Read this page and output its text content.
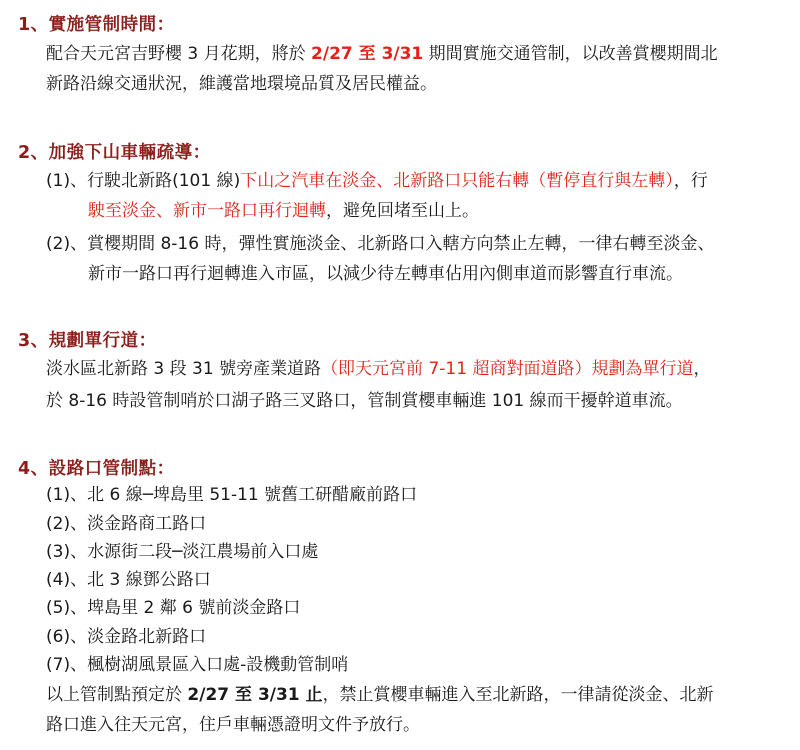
1、實施管制時間：
配合天元宮吉野櫻 3 月花期，將於 2/27 至 3/31 期間實施交通管制，以改善賞櫻期間北
新路沿線交通狀況，維護當地環境品質及居民權益。
2、加強下山車輛疏導：
(1)、行駛北新路(101 線)下山之汽車在淡金、北新路口只能右轉（暫停直行與左轉），行
駛至淡金、新市一路口再行迴轉，避免回堵至山上。
(2)、賞櫻期間 8-16 時，彈性實施淡金、北新路口入轄方向禁止左轉，一律右轉至淡金、
新市一路口再行迴轉進入市區，以減少待左轉車佔用內側車道而影響直行車流。
3、規劃單行道：
淡水區北新路 3 段 31 號旁產業道路（即天元宮前 7-11 超商對面道路）規劃為單行道，
於 8-16 時設管制哨於口湖子路三叉路口，管制賞櫻車輛進 101 線而干擾幹道車流。
4、設路口管制點：
(1)、北 6 線─埤島里 51-11 號舊工研醋廠前路口
(2)、淡金路商工路口
(3)、水源街二段─淡江農場前入口處
(4)、北 3 線鄧公路口
(5)、埤島里 2 鄰 6 號前淡金路口
(6)、淡金路北新路口
(7)、楓樹湖風景區入口處-設機動管制哨
以上管制點預定於 2/27 至 3/31 止，禁止賞櫻車輛進入至北新路，一律請從淡金、北新
路口進入往天元宮，住戶車輛憑證明文件予放行。
